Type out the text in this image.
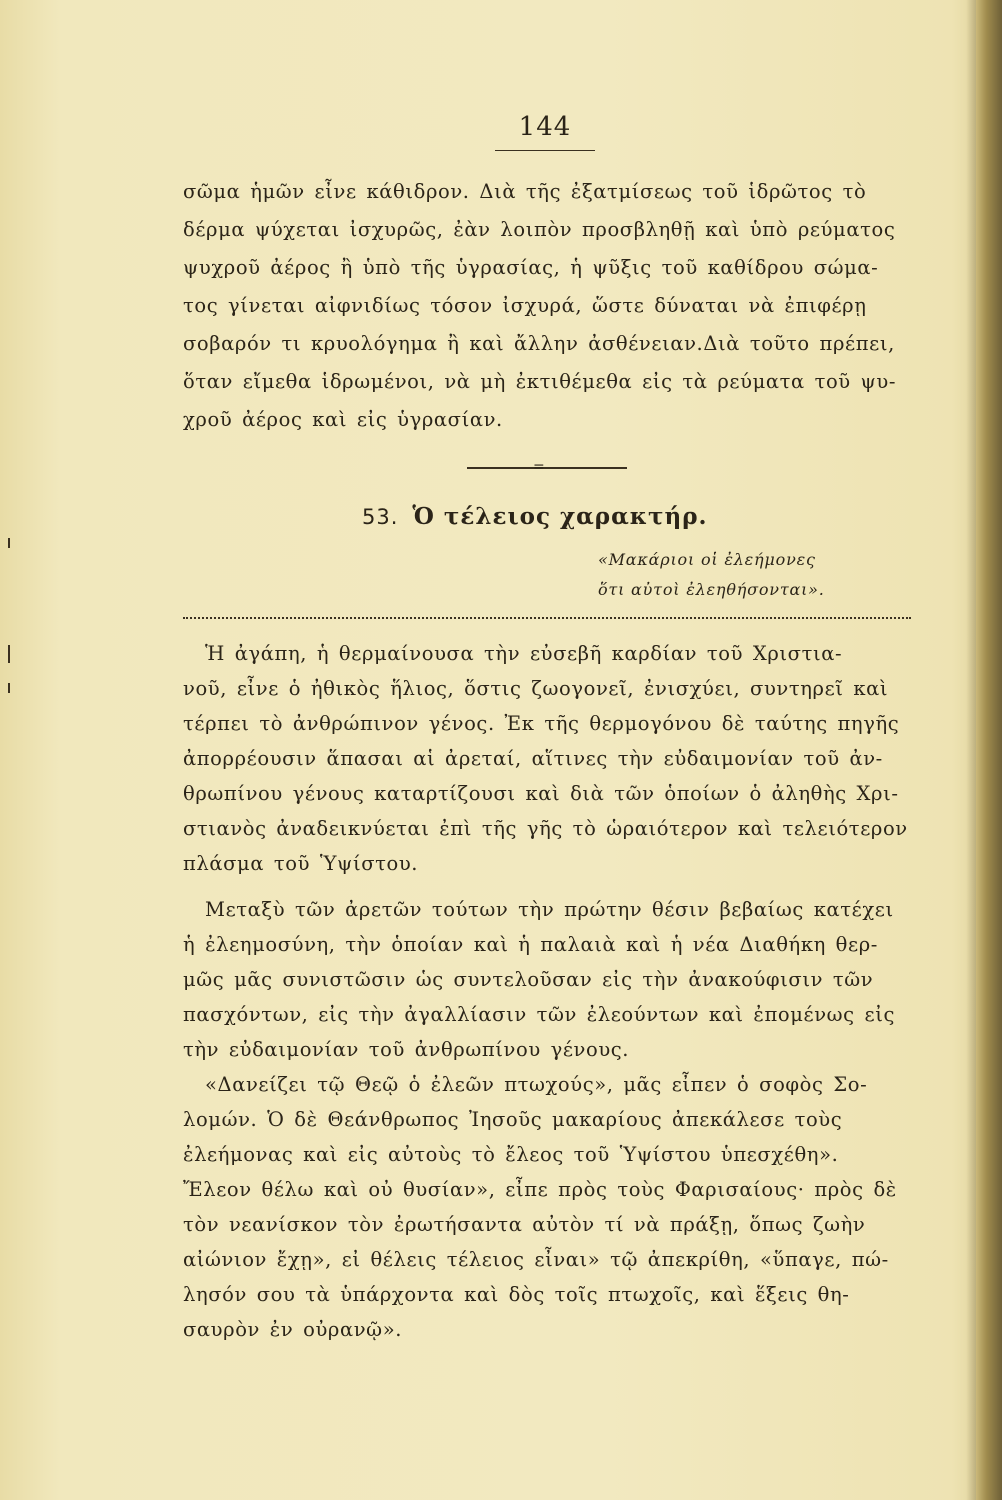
144
σῶμα ἡμῶν εἶνε κάθιδρον. Διὰ τῆς ἐξατμίσεως τοῦ ἱδρῶτος τὸ
δέρμα ψύχεται ἰσχυρῶς, ἐὰν λοιπὸν προσβληθῇ καὶ ὑπὸ ρεύματος
ψυχροῦ ἀέρος ἢ ὑπὸ τῆς ὑγρασίας, ἡ ψῦξις τοῦ καθίδρου σώμα-
τος γίνεται αἰφνιδίως τόσον ἰσχυρά, ὥστε δύναται νὰ ἐπιφέρῃ
σοβαρόν τι κρυολόγημα ἢ καὶ ἄλλην ἀσθένειαν.Διὰ τοῦτο πρέπει,
ὅταν εἴμεθα ἱδρωμένοι, νὰ μὴ ἐκτιθέμεθα εἰς τὰ ρεύματα τοῦ ψυ-
χροῦ ἀέρος καὶ εἰς ὑγρασίαν.
=
53. Ὁ τέλειος χαρακτήρ.
«Μακάριοι οἱ ἐλεήμονες
ὅτι αὐτοὶ ἐλεηθήσονται».
Ἡ ἀγάπη, ἡ θερμαίνουσα τὴν εὐσεβῆ καρδίαν τοῦ Χριστια-
νοῦ, εἶνε ὁ ἠθικὸς ἥλιος, ὅστις ζωογονεῖ, ἐνισχύει, συντηρεῖ καὶ
τέρπει τὸ ἀνθρώπινον γένος. Ἐκ τῆς θερμογόνου δὲ ταύτης πηγῆς
ἀπορρέουσιν ἅπασαι αἱ ἀρεταί, αἵτινες τὴν εὐδαιμονίαν τοῦ ἀν-
θρωπίνου γένους καταρτίζουσι καὶ διὰ τῶν ὁποίων ὁ ἀληθὴς Χρι-
στιανὸς ἀναδεικνύεται ἐπὶ τῆς γῆς τὸ ὡραιότερον καὶ τελειότερον
πλάσμα τοῦ Ὑψίστου.
Μεταξὺ τῶν ἀρετῶν τούτων τὴν πρώτην θέσιν βεβαίως κατέχει
ἡ ἐλεημοσύνη, τὴν ὁποίαν καὶ ἡ παλαιὰ καὶ ἡ νέα Διαθήκη θερ-
μῶς μᾶς συνιστῶσιν ὡς συντελοῦσαν εἰς τὴν ἀνακούφισιν τῶν
πασχόντων, εἰς τὴν ἀγαλλίασιν τῶν ἐλεούντων καὶ ἐπομένως εἰς
τὴν εὐδαιμονίαν τοῦ ἀνθρωπίνου γένους.
«Δανείζει τῷ Θεῷ ὁ ἐλεῶν πτωχούς», μᾶς εἶπεν ὁ σοφὸς Σο-
λομών. Ὁ δὲ Θεάνθρωπος Ἰησοῦς μακαρίους ἀπεκάλεσε τοὺς
ἐλεήμονας καὶ εἰς αὐτοὺς τὸ ἔλεος τοῦ Ὑψίστου ὑπεσχέθη».
Ἔλεον θέλω καὶ οὐ θυσίαν», εἶπε πρὸς τοὺς Φαρισαίους· πρὸς δὲ
τὸν νεανίσκον τὸν ἐρωτήσαντα αὐτὸν τί νὰ πράξῃ, ὅπως ζωὴν
αἰώνιον ἔχῃ», εἰ θέλεις τέλειος εἶναι» τῷ ἀπεκρίθη, «ὕπαγε, πώ-
λησόν σου τὰ ὑπάρχοντα καὶ δὸς τοῖς πτωχοῖς, καὶ ἕξεις θη-
σαυρὸν ἐν οὐρανῷ».
